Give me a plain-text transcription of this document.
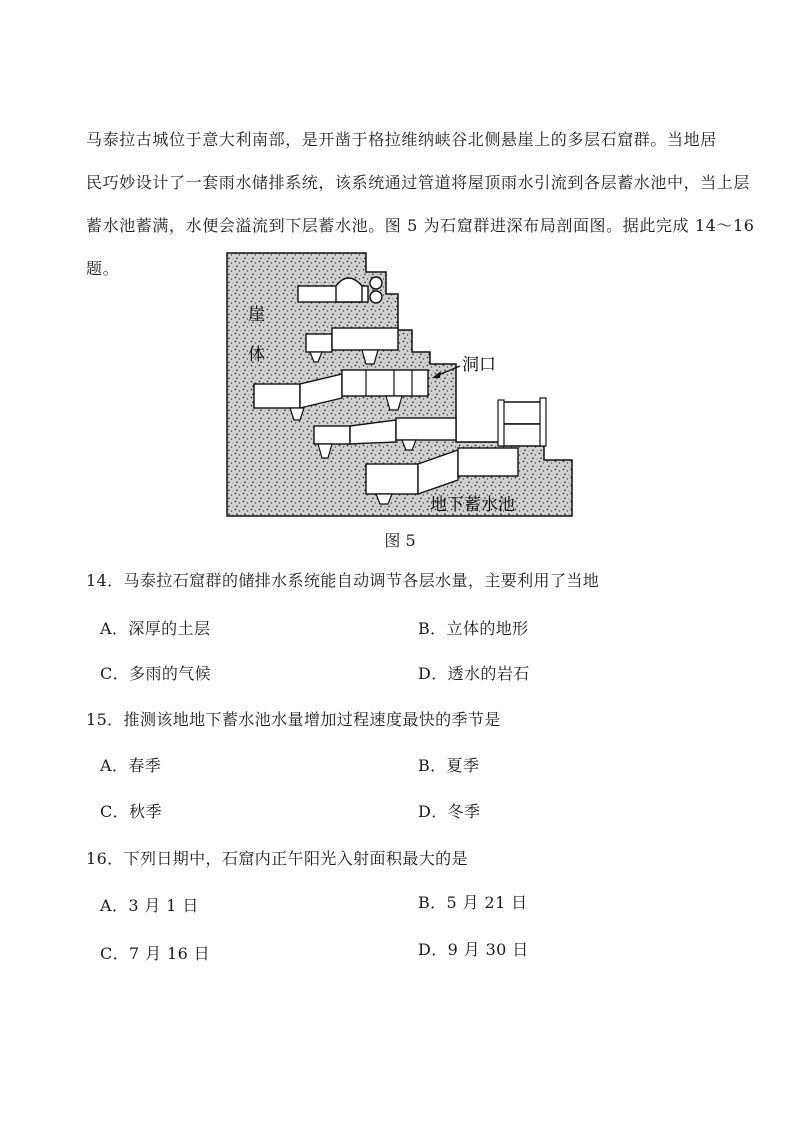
马泰拉古城位于意大利南部，是开凿于格拉维纳峡谷北侧悬崖上的多层石窟群。当地居

民巧妙设计了一套雨水储排系统，该系统通过管道将屋顶雨水引流到各层蓄水池中，当上层

蓄水池蓄满，水便会溢流到下层蓄水池。图 5 为石窟群进深布局剖面图。据此完成 14～16 题。

崖
体	洞口
地下蓄水池
图 5
14．马泰拉石窟群的储排水系统能自动调节各层水量，主要利用了当地
A．深厚的土层	B．立体的地形
C．多雨的气候	D．透水的岩石
15．推测该地地下蓄水池水量增加过程速度最快的季节是
A．春季	B．夏季
C．秋季	D．冬季
16．下列日期中，石窟内正午阳光入射面积最大的是
A．3 月 1 日	B．5 月 21 日
C．7 月 16 日	D．9 月 30 日
